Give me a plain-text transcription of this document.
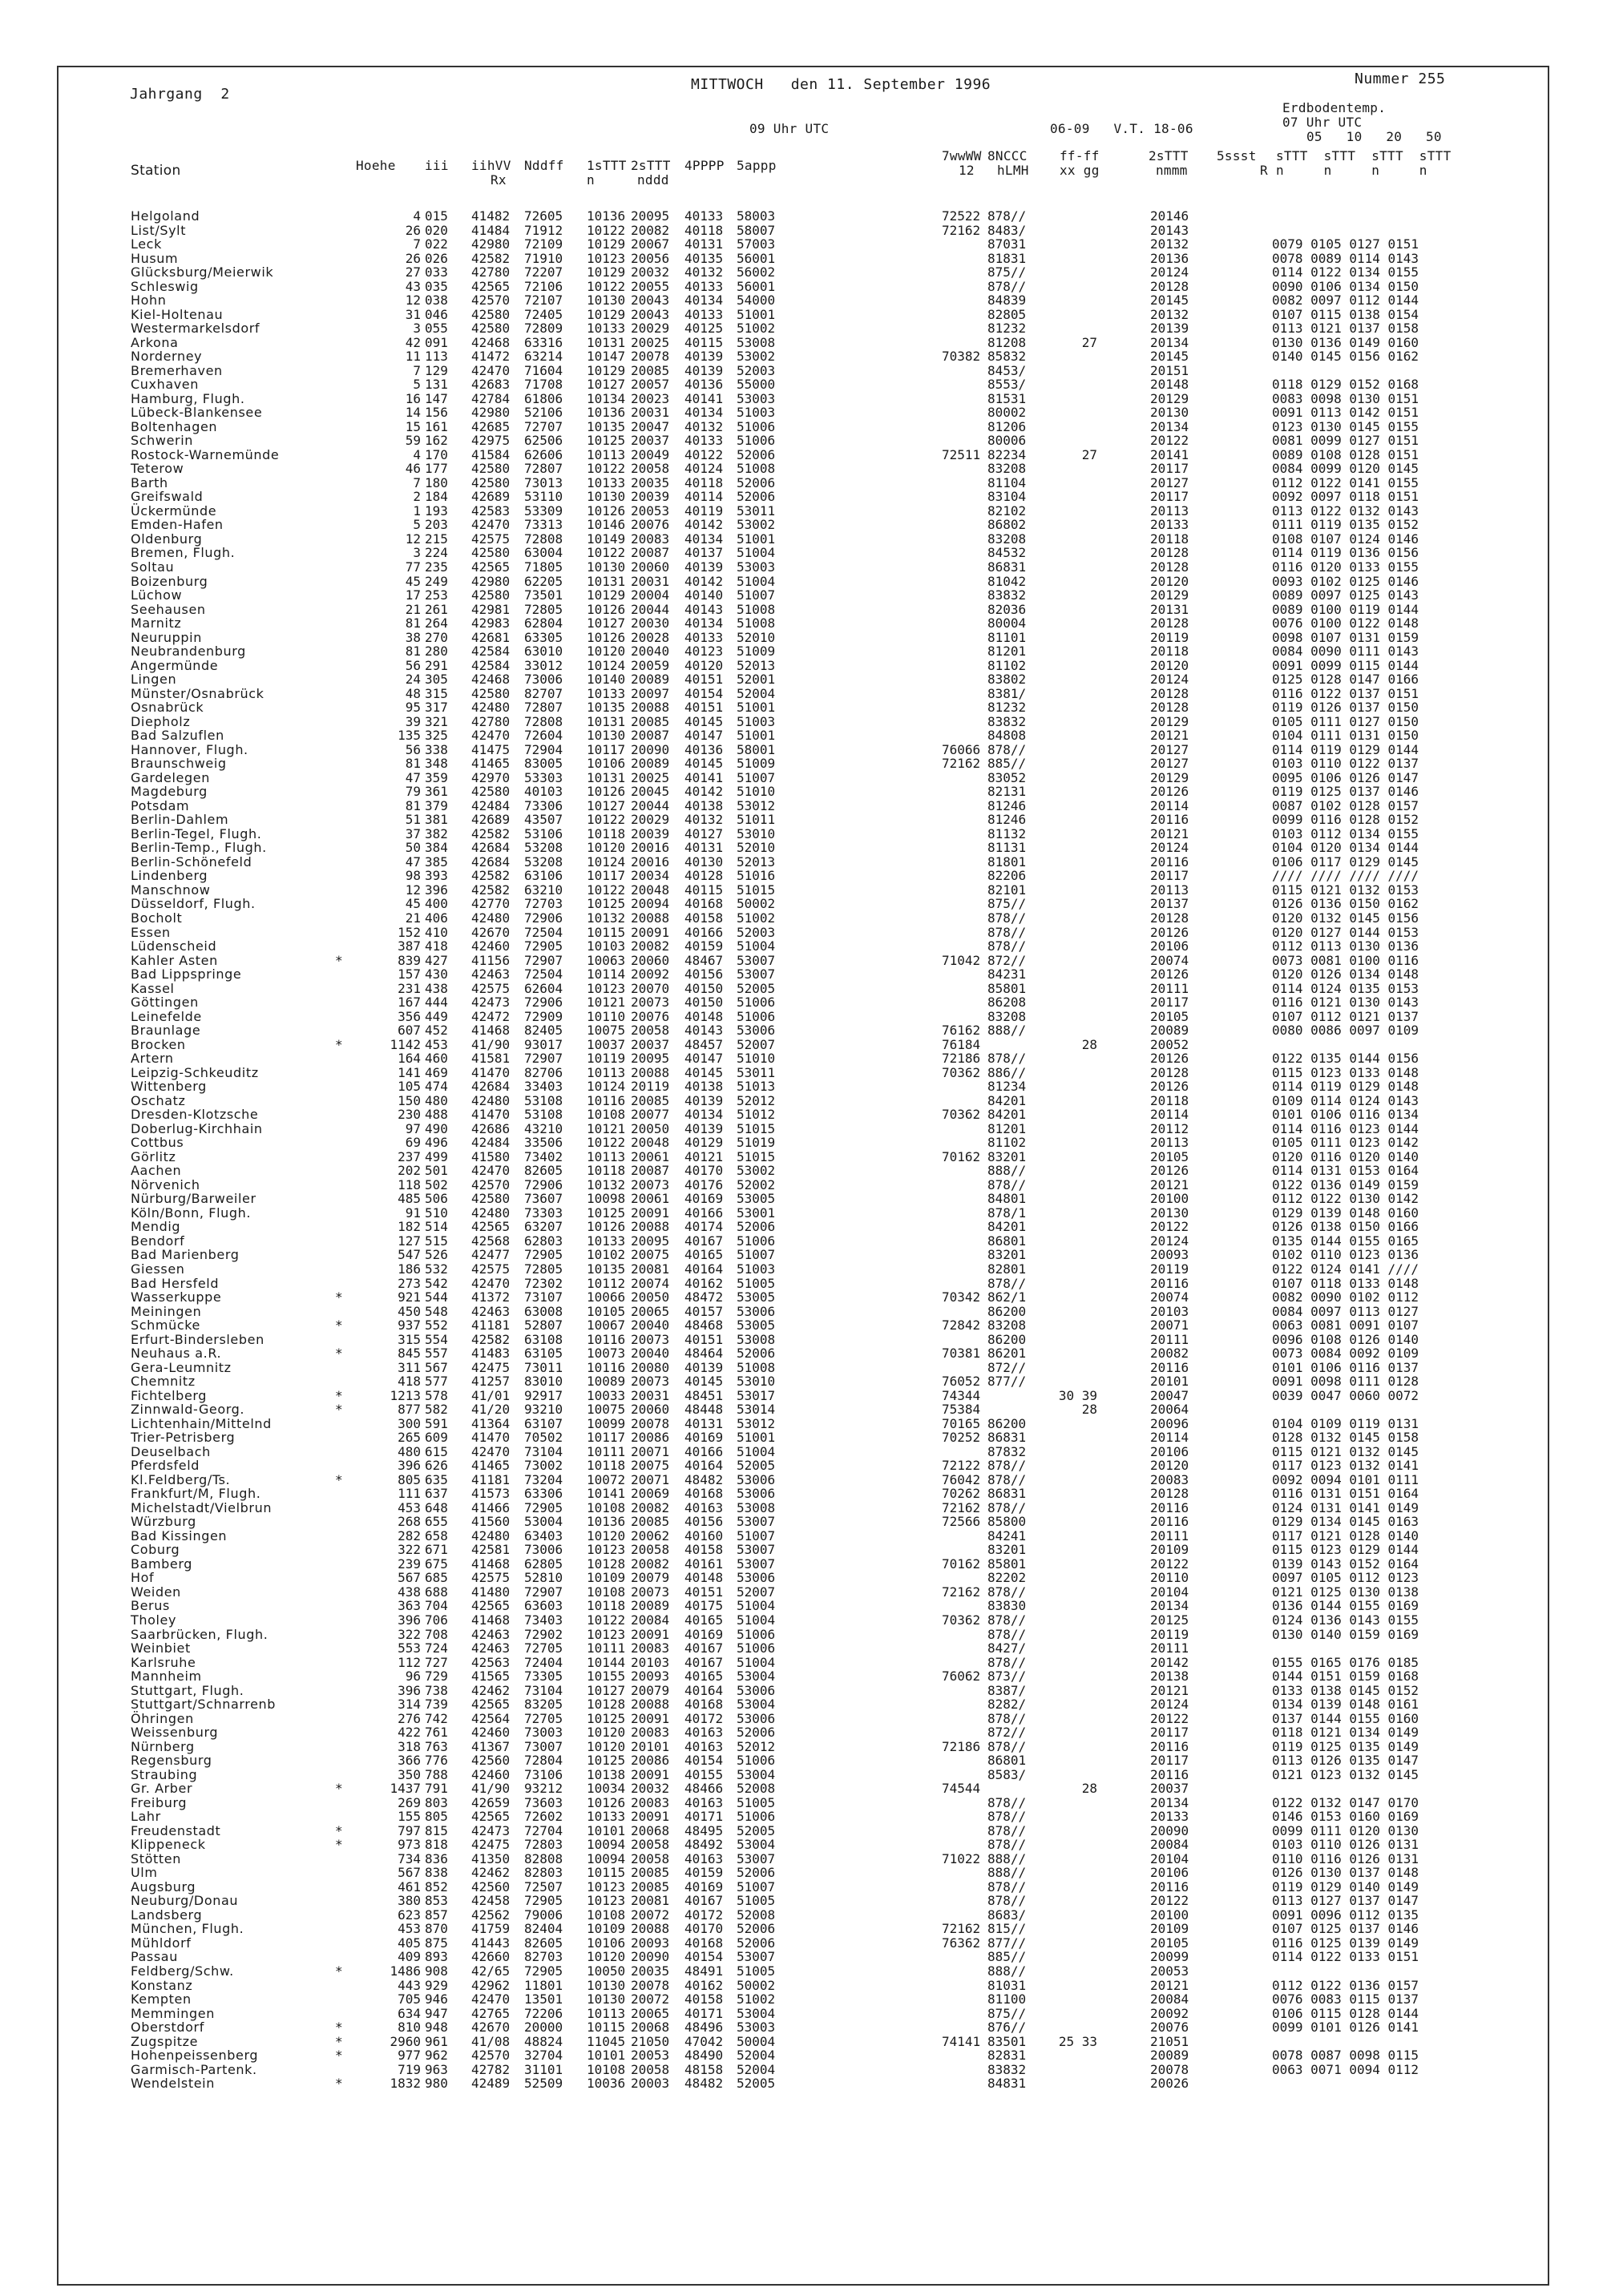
Jahrgang  2
MITTWOCH   den 11. September 1996	Nummer 255
Erdbodentemp.
07 Uhr UTC
05   10   20   50
09 Uhr UTC	06-09   V.T. 18-06
Station	Hoehe iii iihVV
Rx
Nddff 1sTTT
n
2sTTT
nddd
4PPPP 5appp
7wwWW
12
8NCCC
hLMH
ff-ff
xx gg
2sTTT
nmmm
5ssst
R
sTTT  sTTT  sTTT  sTTT
n     n     n     n
Helgoland	4 015 41482 72605 10136 20095 40133 58003	72522 878//	20146
List/Sylt	26 020 41484 71912 10122 20082 40118 58007	72162 8483/	20143
Leck	7 022 42980 72109 10129 20067 40131 57003	87031	20132	0079 0105 0127 0151
Husum	26 026 42582 71910 10123 20056 40135 56001	81831	20136	0078 0089 0114 0143
Glücksburg/Meierwik	27 033 42780 72207 10129 20032 40132 56002	875//	20124	0114 0122 0134 0155
Schleswig	43 035 42565 72106 10122 20055 40133 56001	878//	20128	0090 0106 0134 0150
Hohn	12 038 42570 72107 10130 20043 40134 54000	84839	20145	0082 0097 0112 0144
Kiel-Holtenau	31 046 42580 72405 10129 20043 40133 51001	82805	20132	0107 0115 0138 0154
Westermarkelsdorf	3 055 42580 72809 10133 20029 40125 51002	81232	20139	0113 0121 0137 0158
Arkona	42 091 42468 63316 10131 20025 40115 53008	81208	27	20134	0130 0136 0149 0160
Norderney	11 113 41472 63214 10147 20078 40139 53002	70382 85832	20145	0140 0145 0156 0162
Bremerhaven	7 129 42470 71604 10129 20085 40139 52003	8453/	20151
Cuxhaven	5 131 42683 71708 10127 20057 40136 55000	8553/	20148	0118 0129 0152 0168
Hamburg, Flugh.	16 147 42784 61806 10134 20023 40141 53003	81531	20129	0083 0098 0130 0151
Lübeck-Blankensee	14 156 42980 52106 10136 20031 40134 51003	80002	20130	0091 0113 0142 0151
Boltenhagen	15 161 42685 72707 10135 20047 40132 51006	81206	20134	0123 0130 0145 0155
Schwerin	59 162 42975 62506 10125 20037 40133 51006	80006	20122	0081 0099 0127 0151
Rostock-Warnemünde	4 170 41584 62606 10113 20049 40122 52006	72511 82234	27	20141	0089 0108 0128 0151
Teterow	46 177 42580 72807 10122 20058 40124 51008	83208	20117	0084 0099 0120 0145
Barth	7 180 42580 73013 10133 20035 40118 52006	81104	20127	0112 0122 0141 0155
Greifswald	2 184 42689 53110 10130 20039 40114 52006	83104	20117	0092 0097 0118 0151
Ückermünde	1 193 42583 53309 10126 20053 40119 53011	82102	20113	0113 0122 0132 0143
Emden-Hafen	5 203 42470 73313 10146 20076 40142 53002	86802	20133	0111 0119 0135 0152
Oldenburg	12 215 42575 72808 10149 20083 40134 51001	83208	20118	0108 0107 0124 0146
Bremen, Flugh.	3 224 42580 63004 10122 20087 40137 51004	84532	20128	0114 0119 0136 0156
Soltau	77 235 42565 71805 10130 20060 40139 53003	86831	20128	0116 0120 0133 0155
Boizenburg	45 249 42980 62205 10131 20031 40142 51004	81042	20120	0093 0102 0125 0146
Lüchow	17 253 42580 73501 10129 20004 40140 51007	83832	20129	0089 0097 0125 0143
Seehausen	21 261 42981 72805 10126 20044 40143 51008	82036	20131	0089 0100 0119 0144
Marnitz	81 264 42983 62804 10127 20030 40134 51008	80004	20128	0076 0100 0122 0148
Neuruppin	38 270 42681 63305 10126 20028 40133 52010	81101	20119	0098 0107 0131 0159
Neubrandenburg	81 280 42584 63010 10120 20040 40123 51009	81201	20118	0084 0090 0111 0143
Angermünde	56 291 42584 33012 10124 20059 40120 52013	81102	20120	0091 0099 0115 0144
Lingen	24 305 42468 73006 10140 20089 40151 52001	83802	20124	0125 0128 0147 0166
Münster/Osnabrück	48 315 42580 82707 10133 20097 40154 52004	8381/	20128	0116 0122 0137 0151
Osnabrück	95 317 42480 72807 10135 20088 40151 51001	81232	20128	0119 0126 0137 0150
Diepholz	39 321 42780 72808 10131 20085 40145 51003	83832	20129	0105 0111 0127 0150
Bad Salzuflen	135 325 42470 72604 10130 20087 40147 51001	84808	20121	0104 0111 0131 0150
Hannover, Flugh.	56 338 41475 72904 10117 20090 40136 58001	76066 878//	20127	0114 0119 0129 0144
Braunschweig	81 348 41465 83005 10106 20089 40145 51009	72162 885//	20127	0103 0110 0122 0137
Gardelegen	47 359 42970 53303 10131 20025 40141 51007	83052	20129	0095 0106 0126 0147
Magdeburg	79 361 42580 40103 10126 20045 40142 51010	82131	20126	0119 0125 0137 0146
Potsdam	81 379 42484 73306 10127 20044 40138 53012	81246	20114	0087 0102 0128 0157
Berlin-Dahlem	51 381 42689 43507 10122 20029 40132 51011	81246	20116	0099 0116 0128 0152
Berlin-Tegel, Flugh.	37 382 42582 53106 10118 20039 40127 53010	81132	20121	0103 0112 0134 0155
Berlin-Temp., Flugh.	50 384 42684 53208 10120 20016 40131 52010	81131	20124	0104 0120 0134 0144
Berlin-Schönefeld	47 385 42684 53208 10124 20016 40130 52013	81801	20116	0106 0117 0129 0145
Lindenberg	98 393 42582 63106 10117 20034 40128 51016	82206	20117	//// //// //// ////
Manschnow	12 396 42582 63210 10122 20048 40115 51015	82101	20113	0115 0121 0132 0153
Düsseldorf, Flugh.	45 400 42770 72703 10125 20094 40168 50002	875//	20137	0126 0136 0150 0162
Bocholt	21 406 42480 72906 10132 20088 40158 51002	878//	20128	0120 0132 0145 0156
Essen	152 410 42670 72504 10115 20091 40166 52003	878//	20126	0120 0127 0144 0153
Lüdenscheid	387 418 42460 72905 10103 20082 40159 51004	878//	20106	0112 0113 0130 0136
Kahler Asten	*	839 427 41156 72907 10063 20060 48467 53007	71042 872//	20074	0073 0081 0100 0116
Bad Lippspringe	157 430 42463 72504 10114 20092 40156 53007	84231	20126	0120 0126 0134 0148
Kassel	231 438 42575 62604 10123 20070 40150 52005	85801	20111	0114 0124 0135 0153
Göttingen	167 444 42473 72906 10121 20073 40150 51006	86208	20117	0116 0121 0130 0143
Leinefelde	356 449 42472 72909 10110 20076 40148 51006	83208	20105	0107 0112 0121 0137
Braunlage	607 452 41468 82405 10075 20058 40143 53006	76162 888//	20089	0080 0086 0097 0109
Brocken	*	1142 453 41/90 93017 10037 20037 48457 52007	76184	28	20052
Artern	164 460 41581 72907 10119 20095 40147 51010	72186 878//	20126	0122 0135 0144 0156
Leipzig-Schkeuditz	141 469 41470 82706 10113 20088 40145 53011	70362 886//	20128	0115 0123 0133 0148
Wittenberg	105 474 42684 33403 10124 20119 40138 51013	81234	20126	0114 0119 0129 0148
Oschatz	150 480 42480 53108 10116 20085 40139 52012	84201	20118	0109 0114 0124 0143
Dresden-Klotzsche	230 488 41470 53108 10108 20077 40134 51012	70362 84201	20114	0101 0106 0116 0134
Doberlug-Kirchhain	97 490 42686 43210 10121 20050 40139 51015	81201	20112	0114 0116 0123 0144
Cottbus	69 496 42484 33506 10122 20048 40129 51019	81102	20113	0105 0111 0123 0142
Görlitz	237 499 41580 73402 10113 20061 40121 51015	70162 83201	20105	0120 0116 0120 0140
Aachen	202 501 42470 82605 10118 20087 40170 53002	888//	20126	0114 0131 0153 0164
Nörvenich	118 502 42570 72906 10132 20073 40176 52002	878//	20121	0122 0136 0149 0159
Nürburg/Barweiler	485 506 42580 73607 10098 20061 40169 53005	84801	20100	0112 0122 0130 0142
Köln/Bonn, Flugh.	91 510 42480 73303 10125 20091 40166 53001	878/1	20130	0129 0139 0148 0160
Mendig	182 514 42565 63207 10126 20088 40174 52006	84201	20122	0126 0138 0150 0166
Bendorf	127 515 42568 62803 10133 20095 40167 51006	86801	20124	0135 0144 0155 0165
Bad Marienberg	547 526 42477 72905 10102 20075 40165 51007	83201	20093	0102 0110 0123 0136
Giessen	186 532 42575 72805 10135 20081 40164 51003	82801	20119	0122 0124 0141 ////
Bad Hersfeld	273 542 42470 72302 10112 20074 40162 51005	878//	20116	0107 0118 0133 0148
Wasserkuppe	*	921 544 41372 73107 10066 20050 48472 53005	70342 862/1	20074	0082 0090 0102 0112
Meiningen	450 548 42463 63008 10105 20065 40157 53006	86200	20103	0084 0097 0113 0127
Schmücke	*	937 552 41181 52807 10067 20040 48468 53005	72842 83208	20071	0063 0081 0091 0107
Erfurt-Bindersleben	315 554 42582 63108 10116 20073 40151 53008	86200	20111	0096 0108 0126 0140
Neuhaus a.R.	*	845 557 41483 63105 10073 20040 48464 52006	70381 86201	20082	0073 0084 0092 0109
Gera-Leumnitz	311 567 42475 73011 10116 20080 40139 51008	872//	20116	0101 0106 0116 0137
Chemnitz	418 577 41257 83010 10089 20073 40145 53010	76052 877//	20101	0091 0098 0111 0128
Fichtelberg	*	1213 578 41/01 92917 10033 20031 48451 53017	74344	30 39	20047	0039 0047 0060 0072
Zinnwald-Georg.	*	877 582 41/20 93210 10075 20060 48448 53014	75384	28	20064
Lichtenhain/Mittelnd	300 591 41364 63107 10099 20078 40131 53012	70165 86200	20096	0104 0109 0119 0131
Trier-Petrisberg	265 609 41470 70502 10117 20086 40169 51001	70252 86831	20114	0128 0132 0145 0158
Deuselbach	480 615 42470 73104 10111 20071 40166 51004	87832	20106	0115 0121 0132 0145
Pferdsfeld	396 626 41465 73002 10118 20075 40164 52005	72122 878//	20120	0117 0123 0132 0141
Kl.Feldberg/Ts.	*	805 635 41181 73204 10072 20071 48482 53006	76042 878//	20083	0092 0094 0101 0111
Frankfurt/M, Flugh.	111 637 41573 63306 10141 20069 40168 53006	70262 86831	20128	0116 0131 0151 0164
Michelstadt/Vielbrun	453 648 41466 72905 10108 20082 40163 53008	72162 878//	20116	0124 0131 0141 0149
Würzburg	268 655 41560 53004 10136 20085 40156 53007	72566 85800	20116	0129 0134 0145 0163
Bad Kissingen	282 658 42480 63403 10120 20062 40160 51007	84241	20111	0117 0121 0128 0140
Coburg	322 671 42581 73006 10123 20058 40158 53007	83201	20109	0115 0123 0129 0144
Bamberg	239 675 41468 62805 10128 20082 40161 53007	70162 85801	20122	0139 0143 0152 0164
Hof	567 685 42575 52810 10109 20079 40148 53006	82202	20110	0097 0105 0112 0123
Weiden	438 688 41480 72907 10108 20073 40151 52007	72162 878//	20104	0121 0125 0130 0138
Berus	363 704 42565 63603 10118 20089 40175 51004	83830	20134	0136 0144 0155 0169
Tholey	396 706 41468 73403 10122 20084 40165 51004	70362 878//	20125	0124 0136 0143 0155
Saarbrücken, Flugh.	322 708 42463 72902 10123 20091 40169 51006	878//	20119	0130 0140 0159 0169
Weinbiet	553 724 42463 72705 10111 20083 40167 51006	8427/	20111
Karlsruhe	112 727 42563 72404 10144 20103 40167 51004	878//	20142	0155 0165 0176 0185
Mannheim	96 729 41565 73305 10155 20093 40165 53004	76062 873//	20138	0144 0151 0159 0168
Stuttgart, Flugh.	396 738 42462 73104 10127 20079 40164 53006	8387/	20121	0133 0138 0145 0152
Stuttgart/Schnarrenb	314 739 42565 83205 10128 20088 40168 53004	8282/	20124	0134 0139 0148 0161
Öhringen	276 742 42564 72705 10125 20091 40172 53006	878//	20122	0137 0144 0155 0160
Weissenburg	422 761 42460 73003 10120 20083 40163 52006	872//	20117	0118 0121 0134 0149
Nürnberg	318 763 41367 73007 10120 20101 40163 52012	72186 878//	20116	0119 0125 0135 0149
Regensburg	366 776 42560 72804 10125 20086 40154 51006	86801	20117	0113 0126 0135 0147
Straubing	350 788 42460 73106 10138 20091 40155 53004	8583/	20116	0121 0123 0132 0145
Gr. Arber	*	1437 791 41/90 93212 10034 20032 48466 52008	74544	28	20037
Freiburg	269 803 42659 73603 10126 20083 40163 51005	878//	20134	0122 0132 0147 0170
Lahr	155 805 42565 72602 10133 20091 40171 51006	878//	20133	0146 0153 0160 0169
Freudenstadt	*	797 815 42473 72704 10101 20068 48495 52005	878//	20090	0099 0111 0120 0130
Klippeneck	*	973 818 42475 72803 10094 20058 48492 53004	878//	20084	0103 0110 0126 0131
Stötten	734 836 41350 82808 10094 20058 40163 53007	71022 888//	20104	0110 0116 0126 0131
Ulm	567 838 42462 82803 10115 20085 40159 52006	888//	20106	0126 0130 0137 0148
Augsburg	461 852 42560 72507 10123 20085 40169 51007	878//	20116	0119 0129 0140 0149
Neuburg/Donau	380 853 42458 72905 10123 20081 40167 51005	878//	20122	0113 0127 0137 0147
Landsberg	623 857 42562 79006 10108 20072 40172 52008	8683/	20100	0091 0096 0112 0135
München, Flugh.	453 870 41759 82404 10109 20088 40170 52006	72162 815//	20109	0107 0125 0137 0146
Mühldorf	405 875 41443 82605 10106 20093 40168 52006	76362 877//	20105	0116 0125 0139 0149
Passau	409 893 42660 82703 10120 20090 40154 53007	885//	20099	0114 0122 0133 0151
Feldberg/Schw.	*	1486 908 42/65 72905 10050 20035 48491 51005	888//	20053
Konstanz	443 929 42962 11801 10130 20078 40162 50002	81031	20121	0112 0122 0136 0157
Kempten	705 946 42470 13501 10130 20072 40158 51002	81100	20084	0076 0083 0115 0137
Memmingen	634 947 42765 72206 10113 20065 40171 53004	875//	20092	0106 0115 0128 0144
Oberstdorf	*	810 948 42670 20000 10115 20068 48496 53003	876//	20076	0099 0101 0126 0141
Zugspitze	*	2960 961 41/08 48824 11045 21050 47042 50004	74141 83501	25 33	21051
Hohenpeissenberg	*	977 962 42570 32704 10101 20053 48490 52004	82831	20089	0078 0087 0098 0115
Garmisch-Partenk.	719 963 42782 31101 10108 20058 48158 52004	83832	20078	0063 0071 0094 0112
Wendelstein	*	1832 980 42489 52509 10036 20003 48482 52005	84831	20026
